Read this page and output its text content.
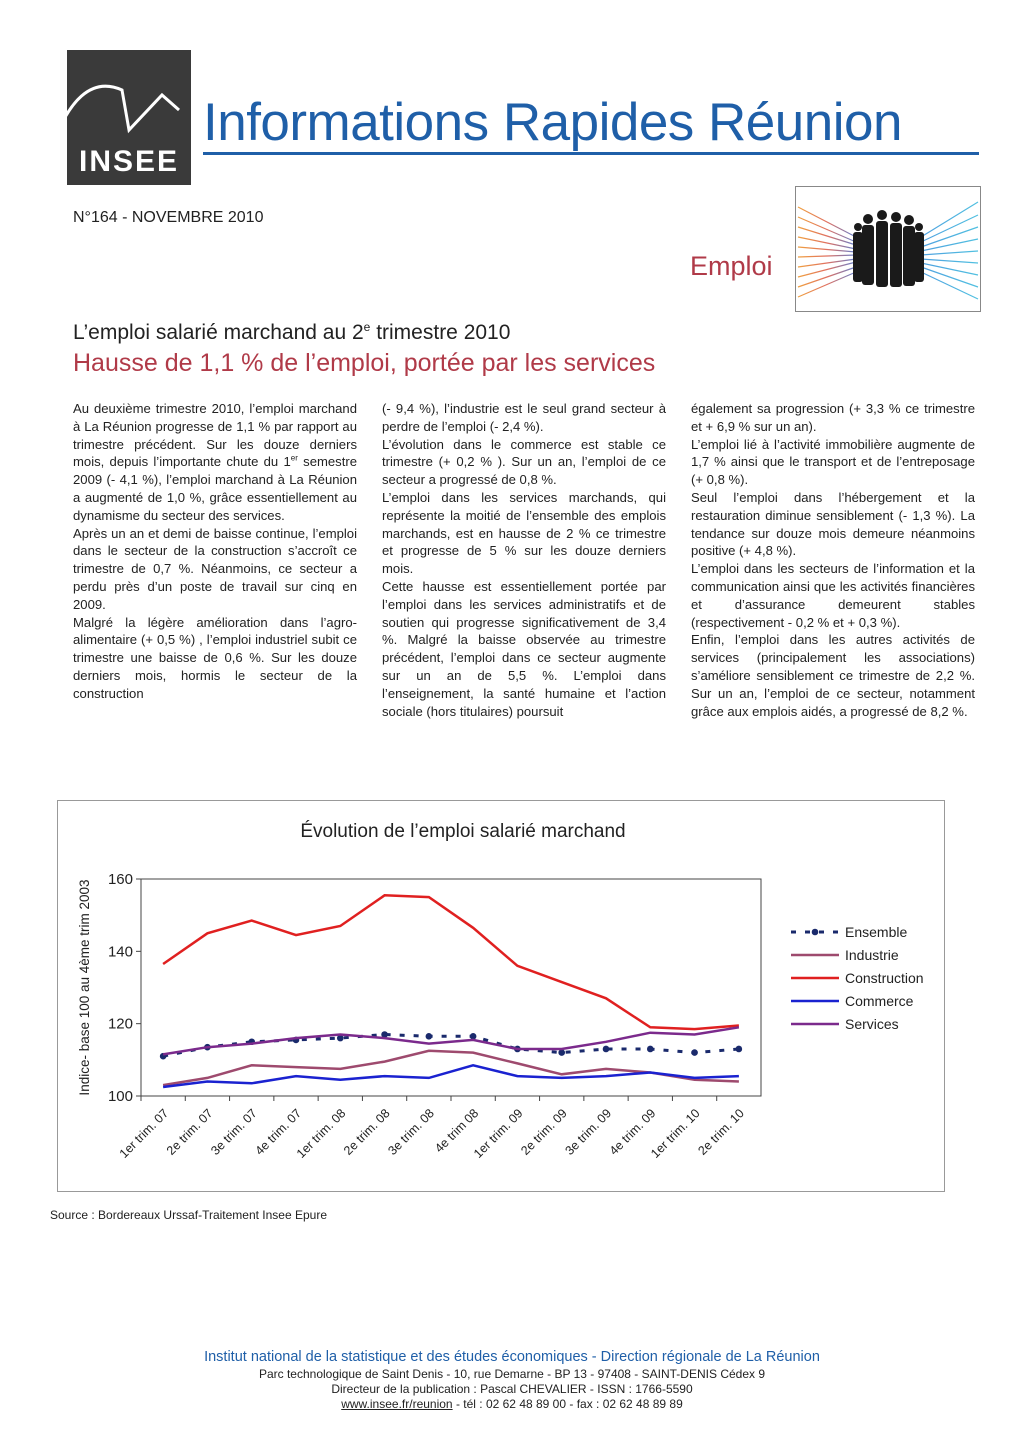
INSEE
Informations Rapides Réunion
N°164 - NOVEMBRE 2010
Emploi
L’emploi salarié marchand au 2e trimestre 2010
Hausse de 1,1 % de l’emploi, portée par les services

Au deuxième trimestre 2010, l’emploi marchand à La Réunion progresse de 1,1 % par rapport au trimestre précédent. Sur les douze derniers mois, depuis l’importante chute du 1er semestre 2009 (- 4,1 %), l’emploi marchand à La Réunion a augmenté de 1,0 %, grâce essentiellement au dynamisme du secteur des services.

Après un an et demi de baisse continue, l’emploi dans le secteur de la construction s’accroît ce trimestre de 0,7 %. Néanmoins, ce secteur a perdu près d’un poste de travail sur cinq en 2009.

Malgré la légère amélioration dans l’agro-alimentaire (+ 0,5 %) , l’emploi industriel subit ce trimestre une baisse de 0,6 %. Sur les douze derniers mois, hormis le secteur de la construction

(- 9,4 %), l’industrie est le seul grand secteur à perdre de l’emploi (- 2,4 %).

L’évolution dans le commerce est stable ce trimestre (+ 0,2 % ). Sur un an, l’emploi de ce secteur a progressé de 0,8 %.

L’emploi dans les services marchands, qui représente la moitié de l’ensemble des emplois marchands, est en hausse de 2 % ce trimestre et progresse de 5 % sur les douze derniers mois.

Cette hausse est essentiellement portée par l’emploi dans les services administratifs et de soutien qui progresse significativement de 3,4 %. Malgré la baisse observée au trimestre précédent, l’emploi dans ce secteur augmente sur un an de 5,5 %. L’emploi dans l’enseignement, la santé humaine et l’action sociale (hors titulaires) poursuit

également sa progression (+ 3,3 % ce trimestre et + 6,9 % sur un an).

L’emploi lié à l’activité immobilière augmente de 1,7 % ainsi que le transport et de l’entreposage (+ 0,8 %).

Seul l’emploi dans l’hébergement et la restauration diminue sensiblement (- 1,3 %). La tendance sur douze mois demeure néanmoins positive (+ 4,8 %).

L’emploi dans les secteurs de l’information et la communication ainsi que les activités financières et d’assurance demeurent stables (respectivement - 0,2 % et + 0,3 %).

Enfin, l’emploi dans les autres activités de services (principalement les associations) s’améliore sensiblement ce trimestre de 2,2 %. Sur un an, l’emploi de ce secteur, notamment grâce aux emplois aidés, a progressé de 8,2 %.

Évolution de l’emploi salarié marchand
100
120
140
160
Indice- base 100 au 4ème trim 2003
1er trim. 07
2e trim. 07
3e trim. 07
4e trim. 07
1er trim. 08
2e trim. 08
3e trim. 08
4e trim 08
1er trim. 09
2e trim. 09
3e trim. 09
4e trim. 09
1er trim. 10
2e trim. 10
Ensemble
Industrie
Construction
Commerce
Services
Source : Bordereaux Urssaf-Traitement Insee Epure
Institut national de la statistique et des études économiques - Direction régionale de La Réunion
Parc technologique de Saint Denis - 10, rue Demarne - BP 13 - 97408 - SAINT-DENIS Cédex 9
Directeur de la publication : Pascal CHEVALIER - ISSN : 1766-5590
www.insee.fr/reunion - tél : 02 62 48 89 00 - fax : 02 62 48 89 89
